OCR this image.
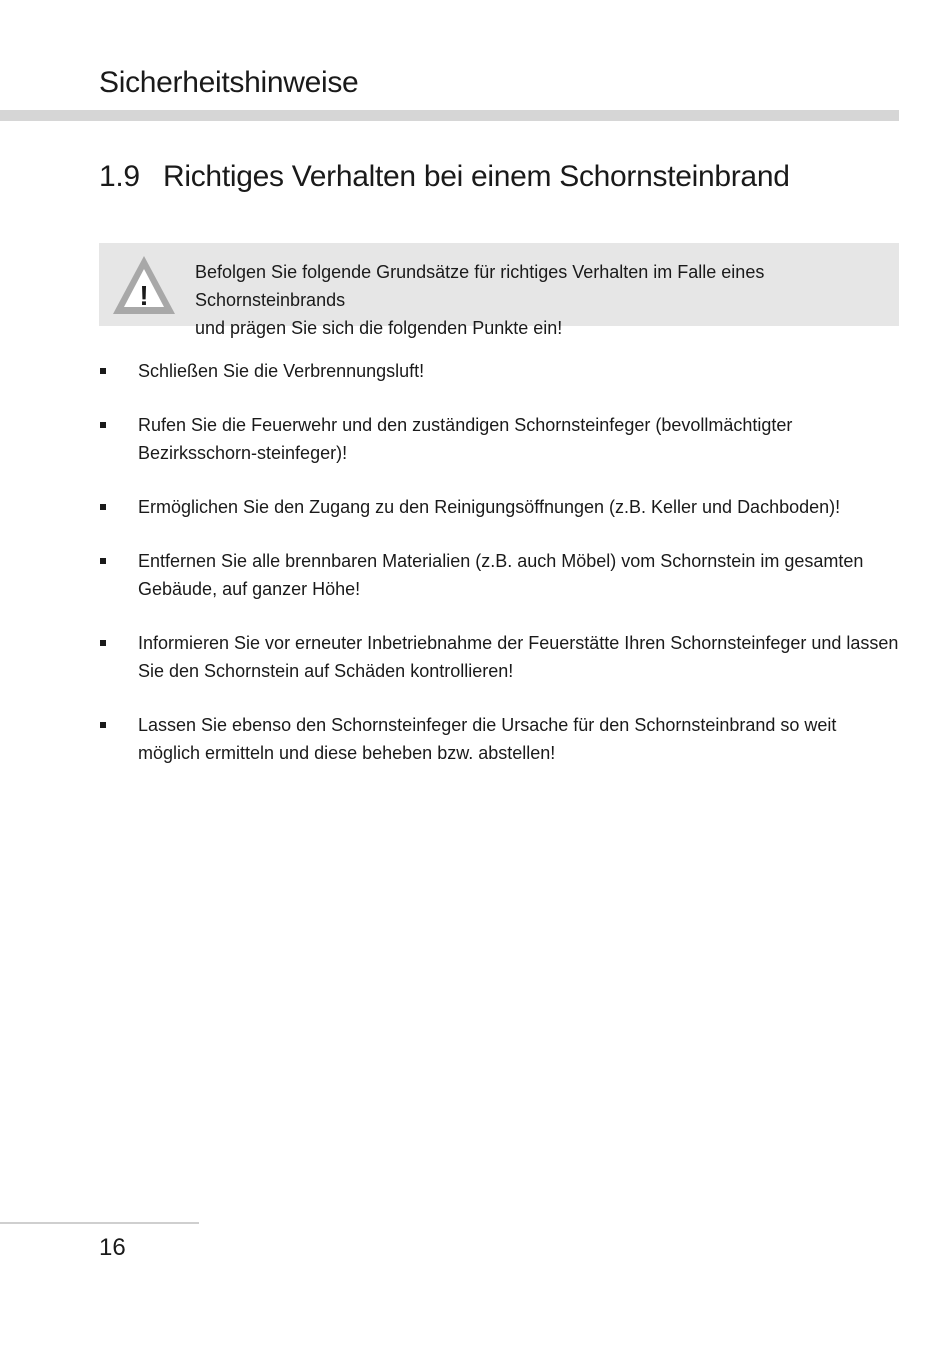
Sicherheitshinweise
1.9 Richtiges Verhalten bei einem Schornsteinbrand
!
Befolgen Sie folgende Grundsätze für richtiges Verhalten im Falle eines Schornsteinbrands
und prägen Sie sich die folgenden Punkte ein!
Schließen Sie die Verbrennungsluft!
Rufen Sie die Feuerwehr und den zuständigen Schornsteinfeger (bevollmächtigter Bezirksschorn-steinfeger)!
Ermöglichen Sie den Zugang zu den Reinigungsöffnungen (z.B. Keller und Dachboden)!
Entfernen Sie alle brennbaren Materialien (z.B. auch Möbel) vom Schornstein im gesamten Gebäude, auf ganzer Höhe!
Informieren Sie vor erneuter Inbetriebnahme der Feuerstätte Ihren Schornsteinfeger und lassen Sie den Schornstein auf Schäden kontrollieren!
Lassen Sie ebenso den Schornsteinfeger die Ursache für den Schornsteinbrand so weit möglich ermitteln und diese beheben bzw. abstellen!
16
